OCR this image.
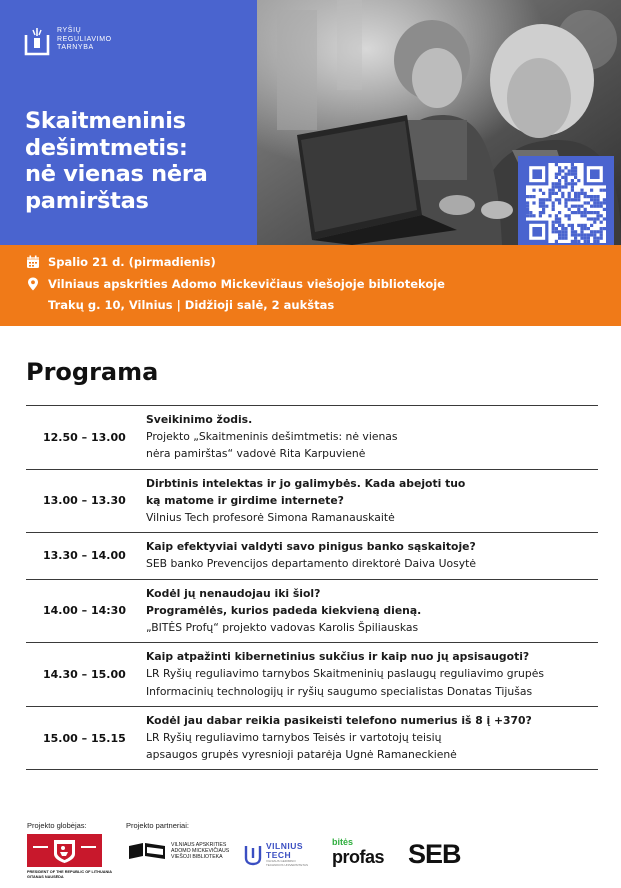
RYŠIŲ
REGULIAVIMO
TARNYBA
Skaitmeninis
dešimtmetis:
nė vienas nėra
pamirštas
Spalio 21 d. (pirmadienis)
Vilniaus apskrities Adomo Mickevičiaus viešojoje bibliotekoje
Trakų g. 10, Vilnius | Didžioji salė, 2 aukštas
Programa
12.50 – 13.00
Sveikinimo žodis.
Projekto „Skaitmeninis dešimtmetis: nė vienas
nėra pamirštas“ vadovė Rita Karpuvienė
13.00 – 13.30
Dirbtinis intelektas ir jo galimybės. Kada abejoti tuo
ką matome ir girdime internete?
Vilnius Tech profesorė Simona Ramanauskaitė
13.30 – 14.00
Kaip efektyviai valdyti savo pinigus banko sąskaitoje?
SEB banko Prevencijos departamento direktorė Daiva Uosytė
14.00 – 14:30
Kodėl jų nenaudojau iki šiol?
Programėlės, kurios padeda kiekvieną dieną.
„BITĖS Profų“ projekto vadovas Karolis Špiliauskas
14.30 – 15.00
Kaip atpažinti kibernetinius sukčius ir kaip nuo jų apsisaugoti?
LR Ryšių reguliavimo tarnybos Skaitmeninių paslaugų reguliavimo grupės
Informacinių technologijų ir ryšių saugumo specialistas Donatas Tijušas
15.00 – 15.15
Kodėl jau dabar reikia pasikeisti telefono numerius iš 8 į +370?
LR Ryšių reguliavimo tarnybos Teisės ir vartotojų teisių
apsaugos grupės vyresnioji patarėja Ugnė Ramaneckienė
Projekto globėjas:	Projekto partneriai:
PRESIDENT OF THE REPUBLIC OF LITHUANIA
GITANAS NAUSĖDA
VILNIAUS APSKRITIES
ADOMO MICKEVIČIAUS
VIEŠOJI BIBLIOTEKA
VILNIUS
TECH
VILNIAUS GEDIMINO
TECHNIKOS UNIVERSITETAS
bitės
profas SEB
